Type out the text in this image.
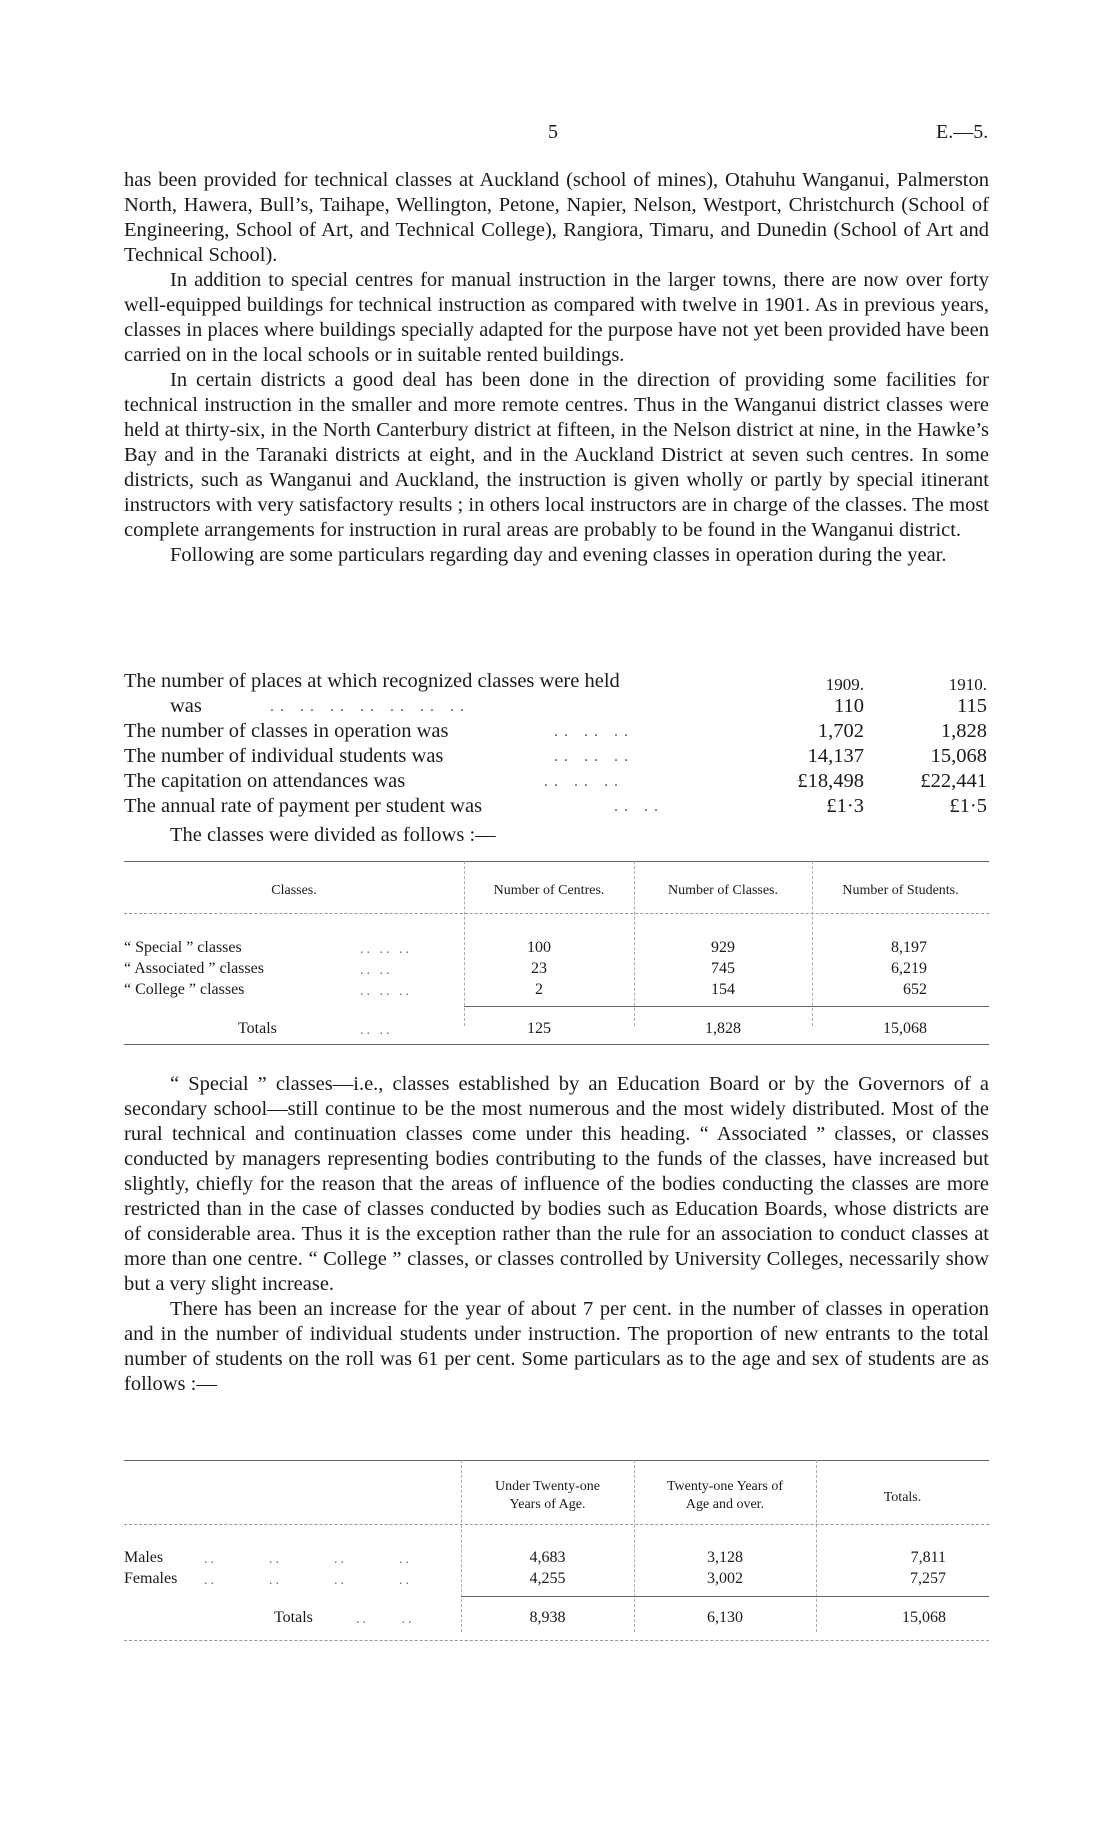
5	E.—5.

has been provided for technical classes at Auckland (school of mines), Otahuhu Wanganui, Palmerston North, Hawera, Bull’s, Taihape, Wellington, Petone, Napier, Nelson, Westport, Christchurch (School of Engineering, School of Art, and Technical College), Rangiora, Timaru, and Dunedin (School of Art and Technical School).

In addition to special centres for manual instruction in the larger towns, there are now over forty well-equipped buildings for technical instruction as compared with twelve in 1901. As in previous years, classes in places where buildings specially adapted for the purpose have not yet been provided have been carried on in the local schools or in suitable rented buildings.

In certain districts a good deal has been done in the direction of providing some facilities for technical instruction in the smaller and more remote centres. Thus in the Wanganui district classes were held at thirty-six, in the North Canterbury district at fifteen, in the Nelson district at nine, in the Hawke’s Bay and in the Taranaki districts at eight, and in the Auckland District at seven such centres. In some districts, such as Wanganui and Auckland, the instruction is given wholly or partly by special itinerant instructors with very satisfactory results ; in others local instructors are in charge of the classes. The most complete arrangements for instruction in rural areas are probably to be found in the Wanganui district.

Following are some particulars regarding day and evening classes in operation during the year.

The number of places at which recognized classes were held	1909.	1910.
was	.. .. .. .. .. .. ..	110	115
The number of classes in operation was	.. .. ..	1,702	1,828
The number of individual students was	.. .. ..	14,137	15,068
The capitation on attendances was	.. .. ..	£18,498	£22,441
The annual rate of payment per student was	.. ..	£1·3	£1·5
The classes were divided as follows :—
Classes.	Number of Centres.	Number of Classes.	Number of Students.
“ Special ” classes	.. .. ..	100	929	8,197
“ Associated ” classes	.. ..	23	745	6,219
“ College ” classes	.. .. ..	2	154	652
Totals	.. ..	125	1,828	15,068

“ Special ” classes—i.e., classes established by an Education Board or by the Governors of a secondary school—still continue to be the most numerous and the most widely distributed. Most of the rural technical and continuation classes come under this heading. “ Associated ” classes, or classes conducted by managers representing bodies contributing to the funds of the classes, have increased but slightly, chiefly for the reason that the areas of influence of the bodies conducting the classes are more restricted than in the case of classes conducted by bodies such as Education Boards, whose districts are of considerable area. Thus it is the exception rather than the rule for an association to conduct classes at more than one centre. “ College ” classes, or classes controlled by University Colleges, necessarily show but a very slight increase.

There has been an increase for the year of about 7 per cent. in the number of classes in operation and in the number of individual students under instruction. The proportion of new entrants to the total number of students on the roll was 61 per cent. Some particulars as to the age and sex of students are as follows :—

Under Twenty-one
Years of Age.
Twenty-one Years of
Age and over.	Totals.
Males	..        ..        ..        ..	4,683	3,128	7,811
Females ..        ..        ..        ..	4,255	3,002	7,257
Totals	..     ..	8,938	6,130	15,068
